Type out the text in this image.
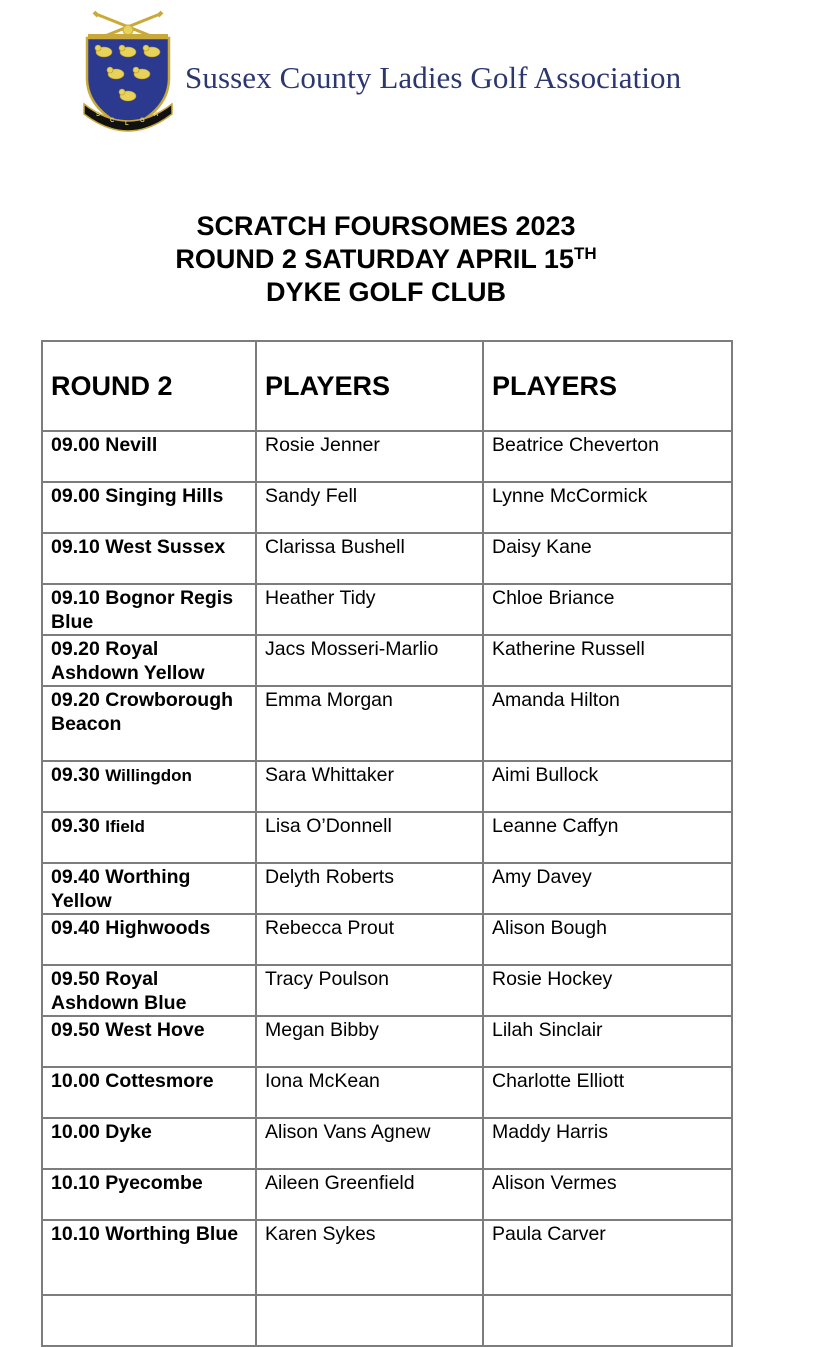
S
C L G
A
Sussex County Ladies Golf Association
SCRATCH FOURSOMES 2023
ROUND 2 SATURDAY APRIL 15TH
DYKE GOLF CLUB
ROUND 2	PLAYERS	PLAYERS
09.00 Nevill	Rosie Jenner	Beatrice Cheverton
09.00 Singing Hills	Sandy Fell	Lynne McCormick
09.10 West Sussex	Clarissa Bushell	Daisy Kane
09.10 Bognor Regis Blue	Heather Tidy	Chloe Briance
09.20 Royal Ashdown Yellow	Jacs Mosseri-Marlio	Katherine Russell
09.20 Crowborough Beacon	Emma Morgan	Amanda Hilton
09.30 Willingdon	Sara Whittaker	Aimi Bullock
09.30 Ifield	Lisa O’Donnell	Leanne Caffyn
09.40 Worthing Yellow	Delyth Roberts	Amy Davey
09.40 Highwoods	Rebecca Prout	Alison Bough
09.50 Royal Ashdown Blue	Tracy Poulson	Rosie Hockey
09.50 West Hove	Megan Bibby	Lilah Sinclair
10.00 Cottesmore	Iona McKean	Charlotte Elliott
10.00 Dyke	Alison Vans Agnew	Maddy Harris
10.10 Pyecombe	Aileen Greenfield	Alison Vermes
10.10 Worthing Blue	Karen Sykes	Paula Carver
